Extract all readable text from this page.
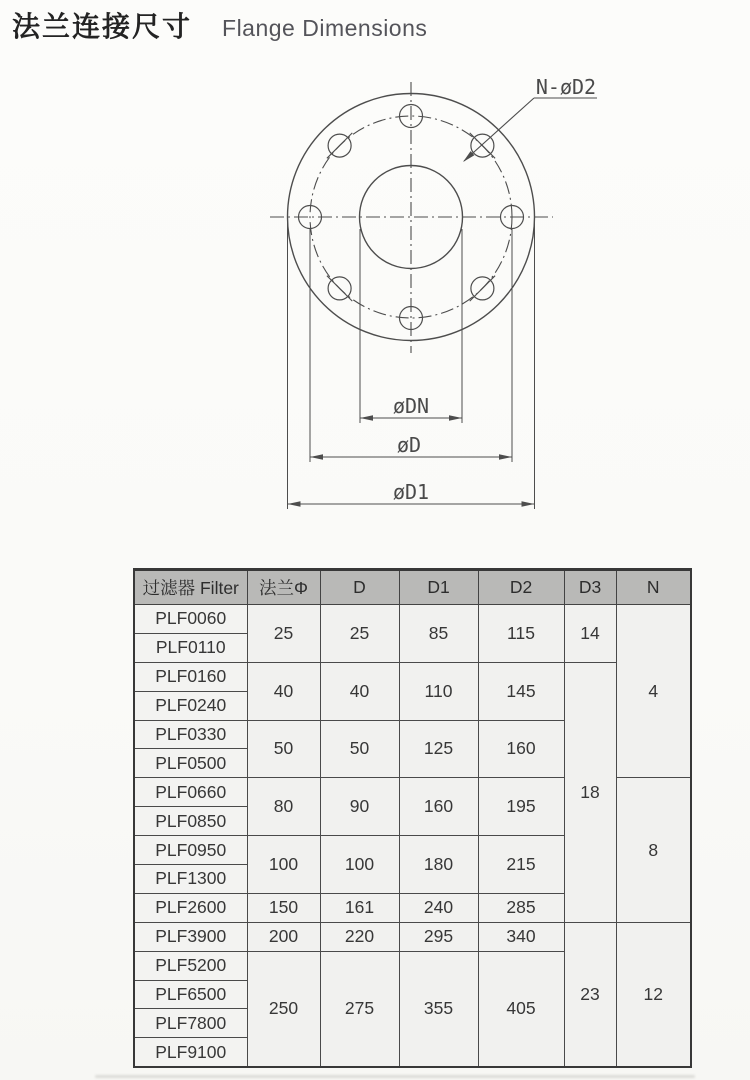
法兰连接尺寸 Flange Dimensions
N-øD2
øDN
øD
øD1
过滤器 Filter	法兰Φ	D	D1	D2	D3	N
PLF0060	25	25	85	115	14	4
PLF0110						
PLF0160	40	40	110	145	18	
PLF0240						
PLF0330	50	50	125	160		
PLF0500						
PLF0660	80	90	160	195		8
PLF0850						
PLF0950	100	100	180	215		
PLF1300						
PLF2600	150	161	240	285		
PLF3900	200	220	295	340	23	12
PLF5200	250	275	355	405		
PLF6500						
PLF7800						
PLF9100						
